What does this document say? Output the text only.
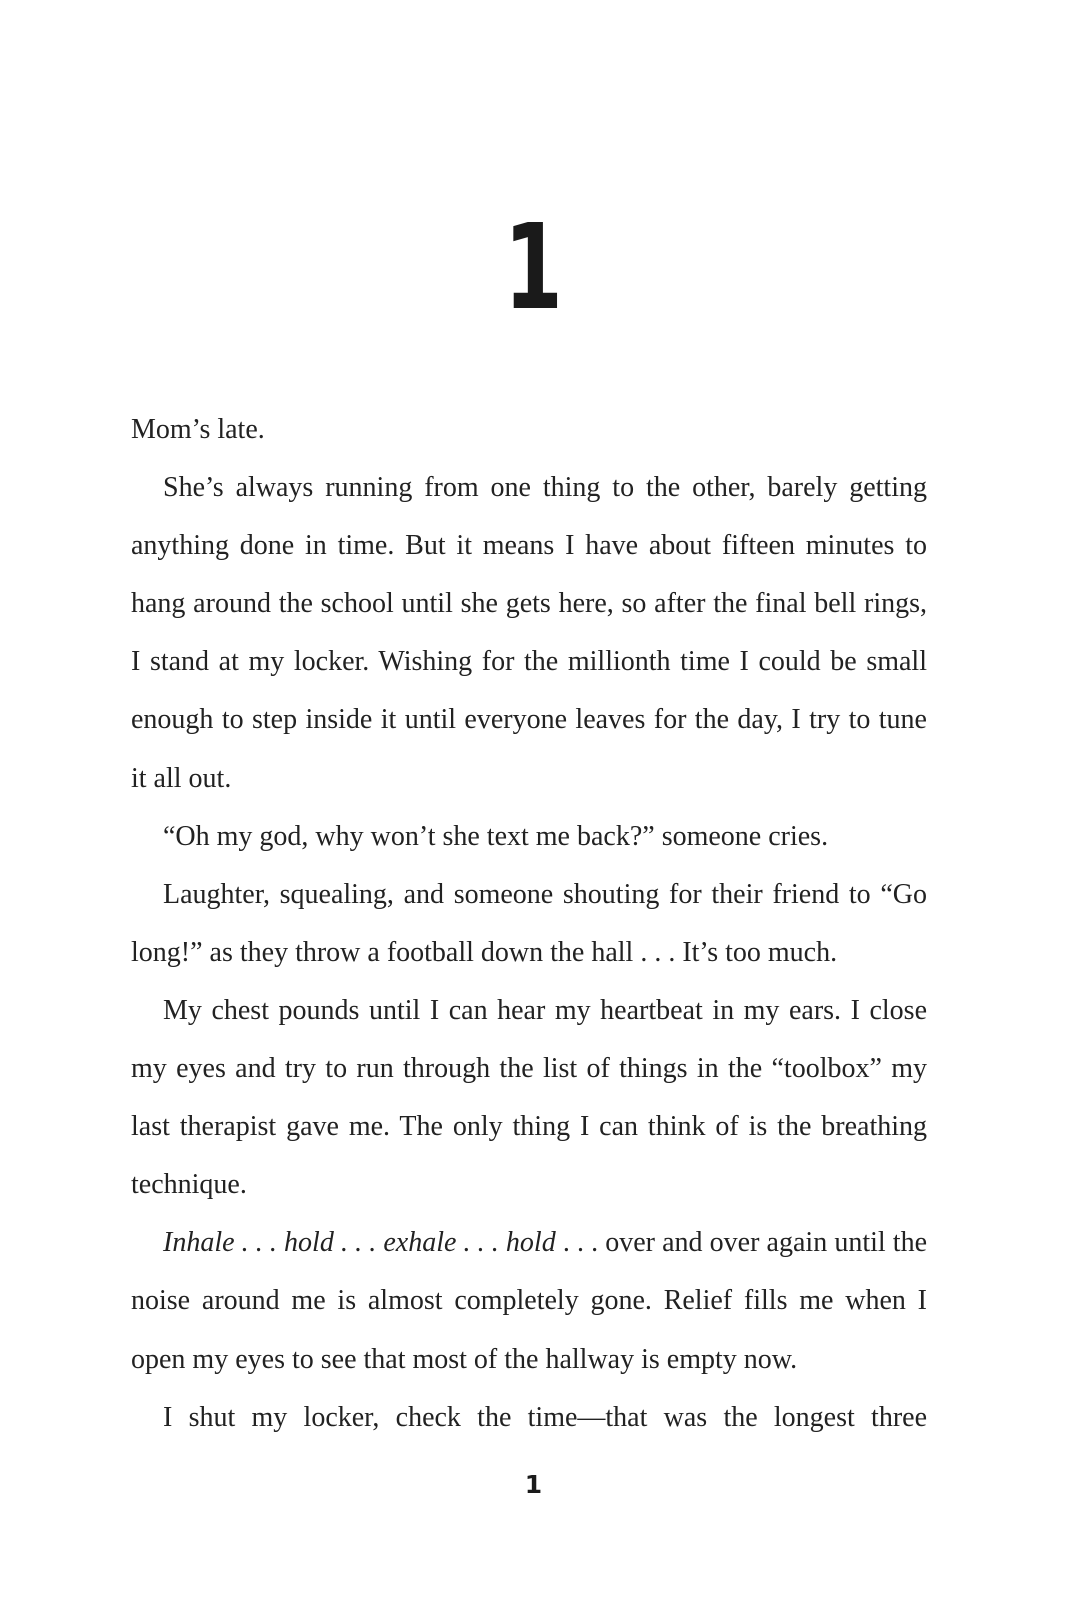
1

Mom’s late.

She’s always running from one thing to the other, barely getting anything done in time. But it means I have about fifteen minutes to hang around the school until she gets here, so after the final bell rings, I stand at my locker. Wishing for the millionth time I could be small enough to step inside it until everyone leaves for the day, I try to tune it all out.

“Oh my god, why won’t she text me back?” someone cries.

Laughter, squealing, and someone shouting for their friend to “Go long!” as they throw a football down the hall . . . It’s too much.

My chest pounds until I can hear my heartbeat in my ears. I close my eyes and try to run through the list of things in the “toolbox” my last therapist gave me. The only thing I can think of is the breathing technique.

Inhale . . . hold . . . exhale . . . hold . . . over and over again until the noise around me is almost completely gone. Relief fills me when I open my eyes to see that most of the hallway is empty now.

I shut my locker, check the time—that was the longest three

1
